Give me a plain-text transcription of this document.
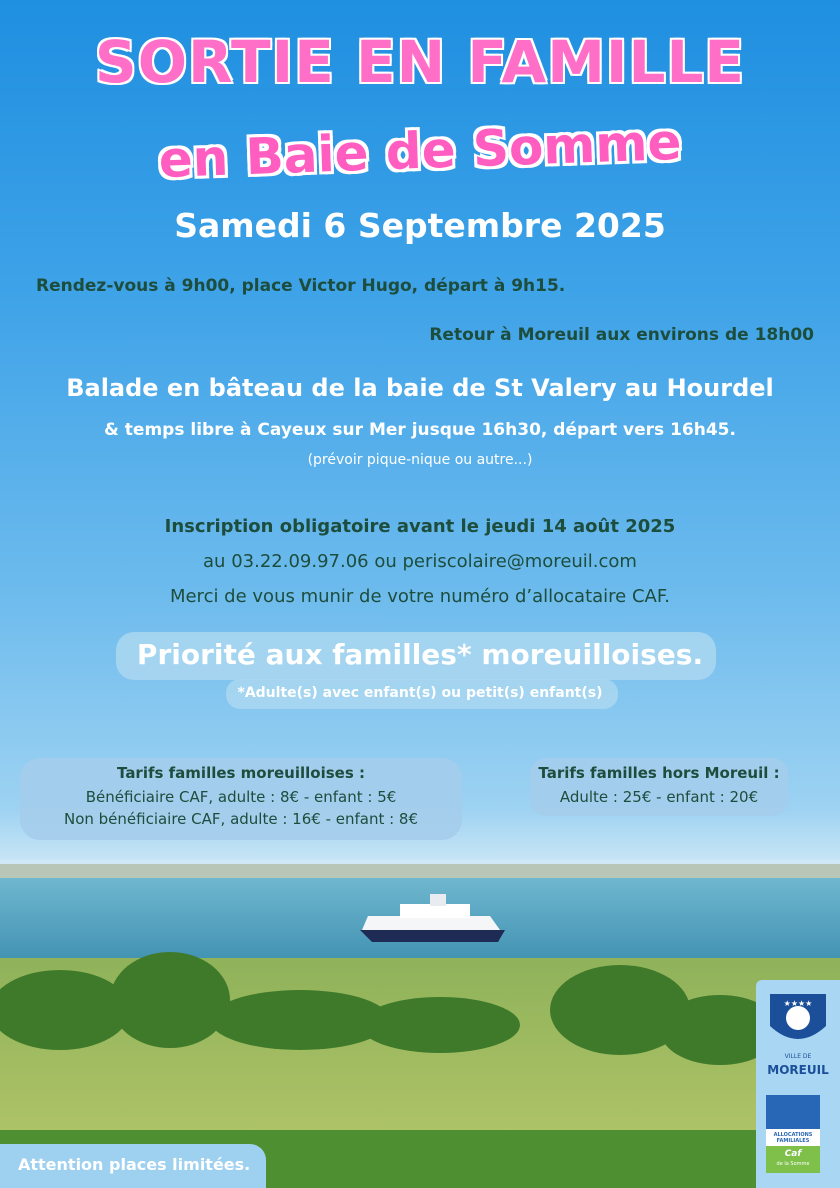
SORTIE EN FAMILLE
en Baie de Somme
Samedi 6 Septembre 2025
Rendez-vous à 9h00, place Victor Hugo, départ à 9h15.
Retour à Moreuil aux environs de 18h00
Balade en bâteau de la baie de St Valery au Hourdel
& temps libre à Cayeux sur Mer jusque 16h30, départ vers 16h45.
(prévoir pique-nique ou autre...)
Inscription obligatoire avant le jeudi 14 août 2025
au 03.22.09.97.06 ou periscolaire@moreuil.com
Merci de vous munir de votre numéro d’allocataire CAF.
Priorité aux familles* moreuilloises.
*Adulte(s) avec enfant(s) ou petit(s) enfant(s)
Tarifs familles moreuilloises :
Bénéficiaire CAF, adulte : 8€ - enfant : 5€
Non bénéficiaire CAF, adulte : 16€ - enfant : 8€
Tarifs familles hors Moreuil :
Adulte : 25€ - enfant : 20€
★★★★
VILLE DE
MOREUIL
ALLOCATIONS FAMILIALES
Caf
de la Somme
Attention places limitées.
